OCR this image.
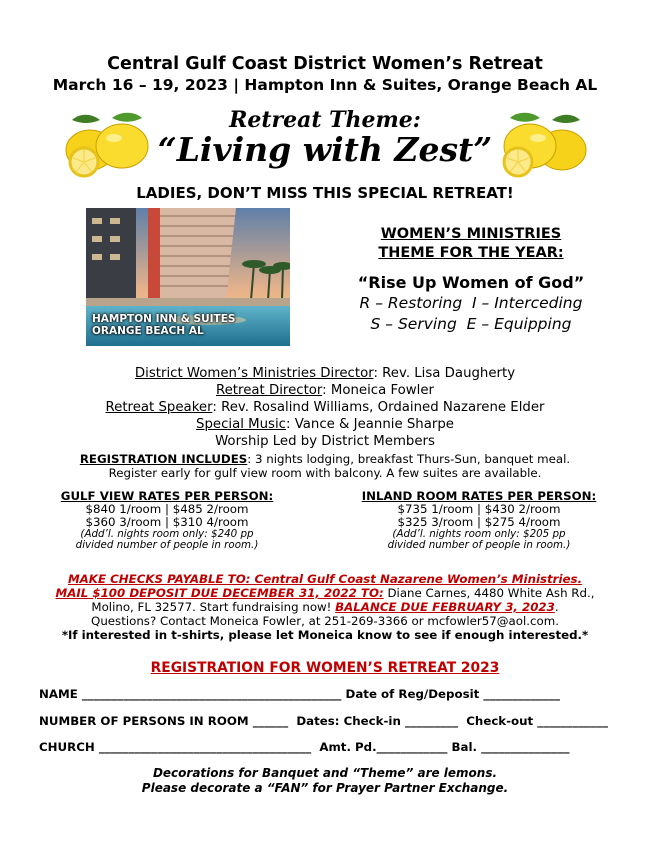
Central Gulf Coast District Women’s Retreat
March 16 – 19, 2023 | Hampton Inn & Suites, Orange Beach AL
Retreat Theme:
“Living with Zest”
LADIES, DON’T MISS THIS SPECIAL RETREAT!
HAMPTON INN & SUITES
ORANGE BEACH AL
WOMEN’S MINISTRIES
THEME FOR THE YEAR:
“Rise Up Women of God”
R – Restoring  I – Interceding
S – Serving  E – Equipping
District Women’s Ministries Director: Rev. Lisa Daugherty
Retreat Director: Moneica Fowler
Retreat Speaker: Rev. Rosalind Williams, Ordained Nazarene Elder
Special Music: Vance & Jeannie Sharpe
Worship Led by District Members
REGISTRATION INCLUDES: 3 nights lodging, breakfast Thurs-Sun, banquet meal.
Register early for gulf view room with balcony. A few suites are available.
GULF VIEW RATES PER PERSON:
$840 1/room | $485 2/room
$360 3/room | $310 4/room
(Add’l. nights room only: $240 pp
divided number of people in room.)
INLAND ROOM RATES PER PERSON:
$735 1/room | $430 2/room
$325 3/room | $275 4/room
(Add’l. nights room only: $205 pp
divided number of people in room.)
MAKE CHECKS PAYABLE TO: Central Gulf Coast Nazarene Women’s Ministries.
MAIL $100 DEPOSIT DUE DECEMBER 31, 2022 TO: Diane Carnes, 4480 White Ash Rd.,
Molino, FL 32577. Start fundraising now! BALANCE DUE FEBRUARY 3, 2023.
Questions? Contact Moneica Fowler, at 251-269-3366 or mcfowler57@aol.com.
*If interested in t-shirts, please let Moneica know to see if enough interested.*
REGISTRATION FOR WOMEN’S RETREAT 2023
NAME ____________________________________________ Date of Reg/Deposit _____________
NUMBER OF PERSONS IN ROOM ______  Dates: Check-in _________  Check-out ____________
CHURCH ____________________________________  Amt. Pd.____________ Bal. _______________
Decorations for Banquet and “Theme” are lemons.
Please decorate a “FAN” for Prayer Partner Exchange.
